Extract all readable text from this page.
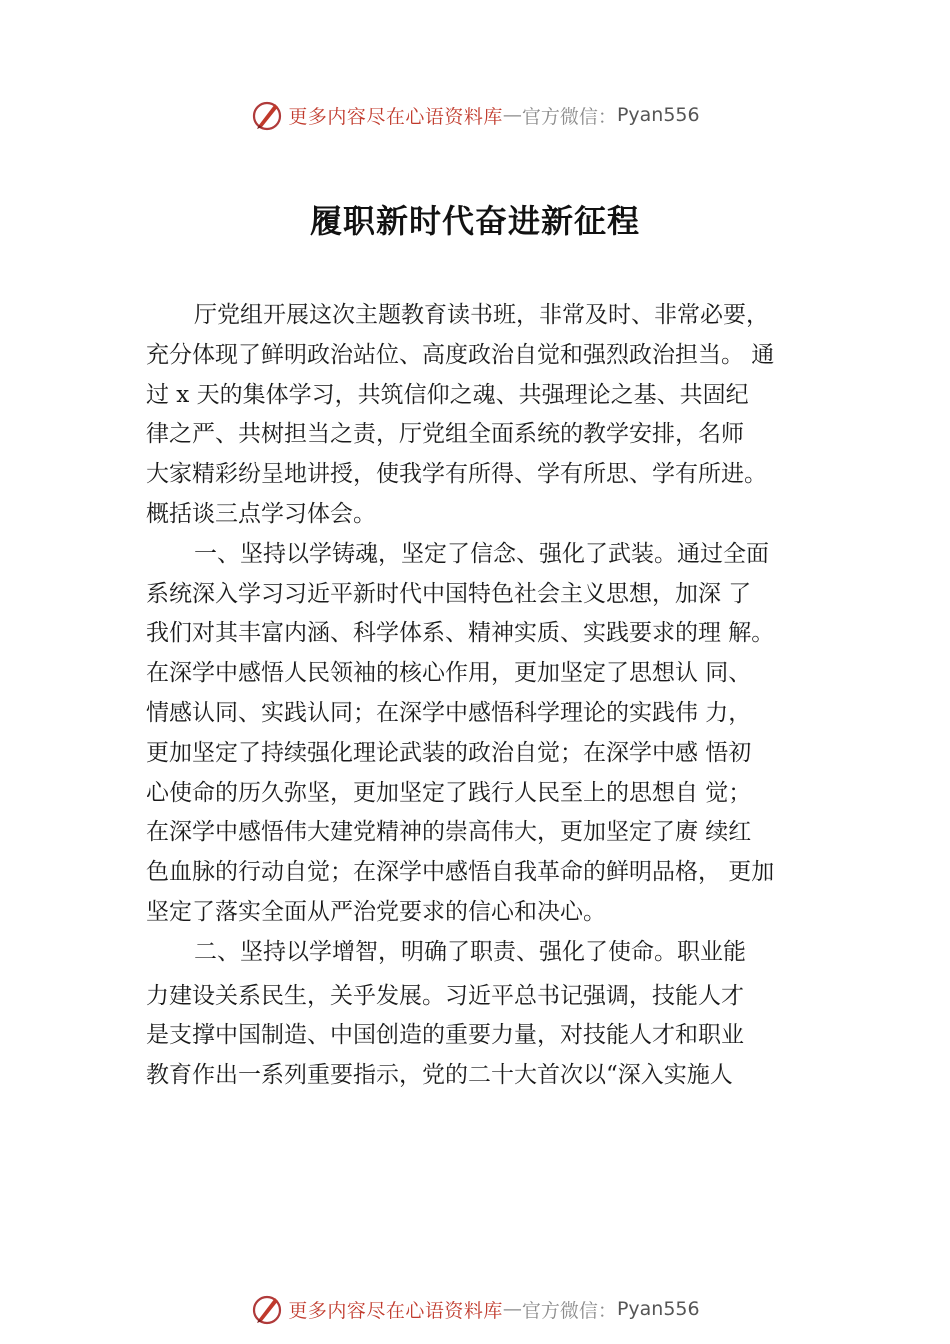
更多内容尽在心语资料库 — 官方微信： Pyan556
履职新时代奋进新征程
厅党组开展这次主题教育读书班，非常及时、非常必要，
充分体现了鲜明政治站位、高度政治自觉和强烈政治担当。 通
过 x 天的集体学习，共筑信仰之魂、共强理论之基、共固纪
律之严、共树担当之责，厅党组全面系统的教学安排，名师
大家精彩纷呈地讲授，使我学有所得、学有所思、学有所进。
概括谈三点学习体会。
一、坚持以学铸魂，坚定了信念、强化了武装。通过全面
系统深入学习习近平新时代中国特色社会主义思想，加深 了
我们对其丰富内涵、科学体系、精神实质、实践要求的理 解。
在深学中感悟人民领袖的核心作用，更加坚定了思想认 同、
情感认同、实践认同；在深学中感悟科学理论的实践伟 力，
更加坚定了持续强化理论武装的政治自觉；在深学中感 悟初
心使命的历久弥坚，更加坚定了践行人民至上的思想自 觉；
在深学中感悟伟大建党精神的崇高伟大，更加坚定了赓 续红
色血脉的行动自觉；在深学中感悟自我革命的鲜明品格， 更加
坚定了落实全面从严治党要求的信心和决心。
二、坚持以学增智，明确了职责、强化了使命。职业能
力建设关系民生，关乎发展。习近平总书记强调，技能人才
是支撑中国制造、中国创造的重要力量，对技能人才和职业
教育作出一系列重要指示，党的二十大首次以“深入实施人
更多内容尽在心语资料库 — 官方微信： Pyan556
